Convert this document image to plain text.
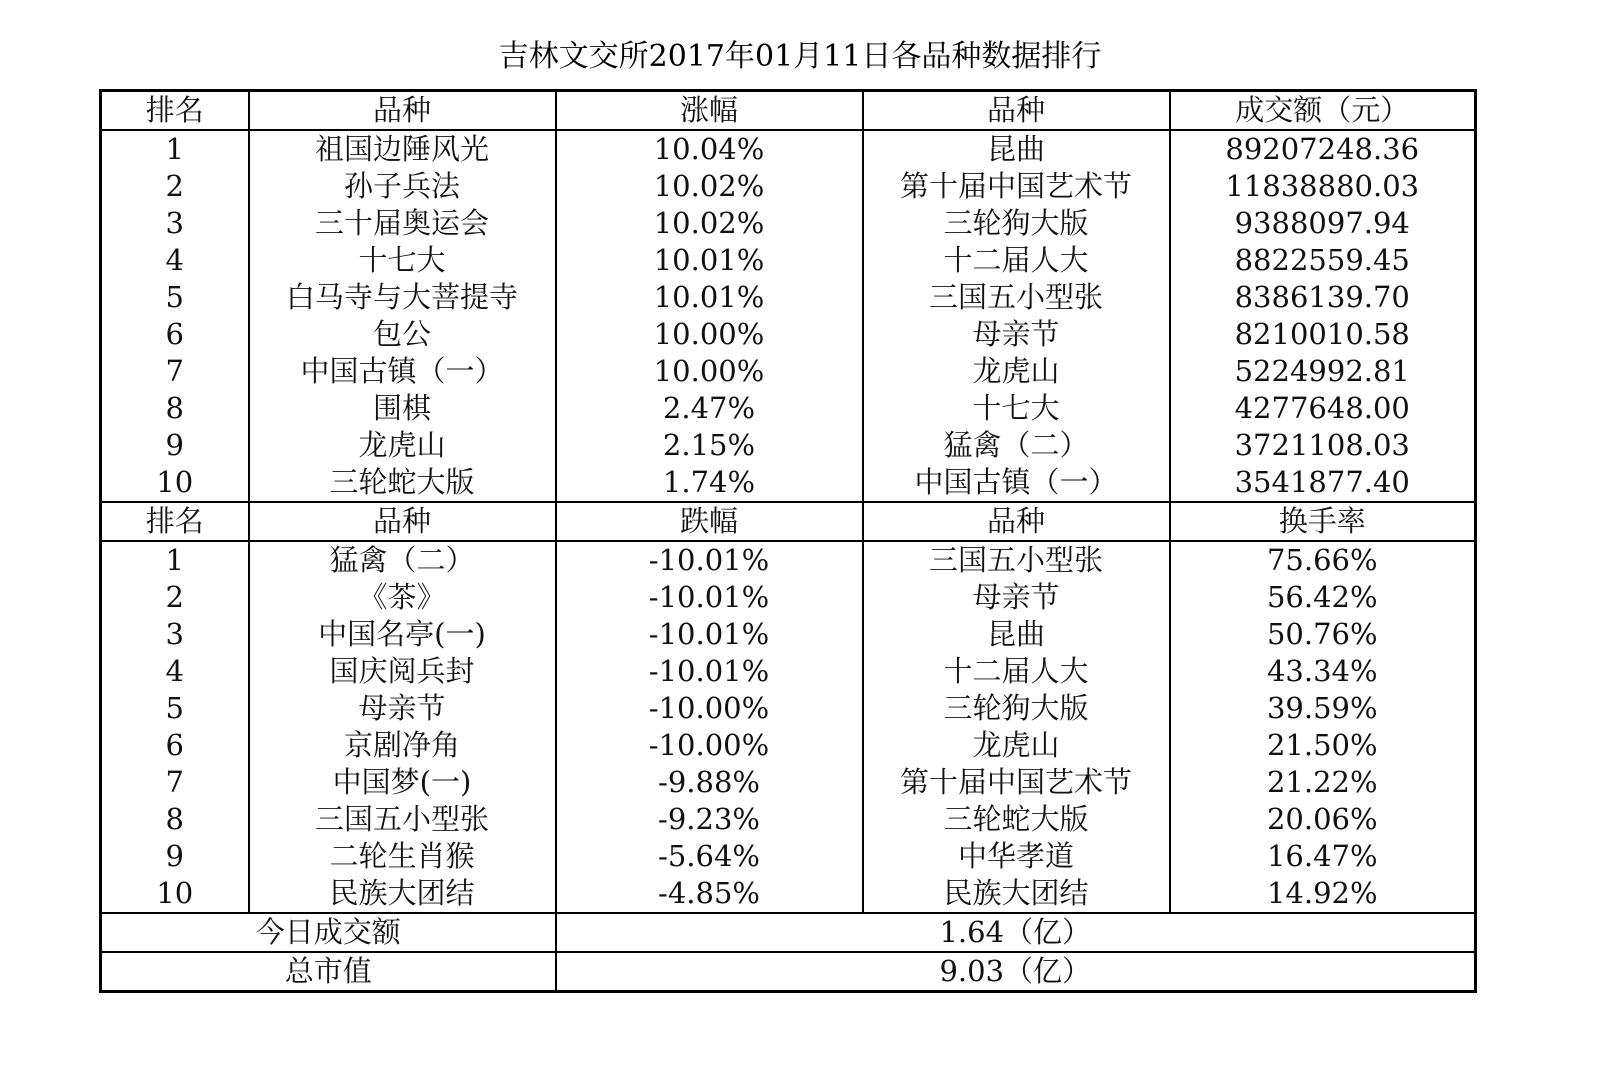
吉林文交所2017年01月11日各品种数据排行
排名	品种	涨幅	品种	成交额（元）
1	祖国边陲风光	10.04%	昆曲	89207248.36
2	孙子兵法	10.02%	第十届中国艺术节	11838880.03
3	三十届奥运会	10.02%	三轮狗大版	9388097.94
4	十七大	10.01%	十二届人大	8822559.45
5	白马寺与大菩提寺	10.01%	三国五小型张	8386139.70
6	包公	10.00%	母亲节	8210010.58
7	中国古镇（一）	10.00%	龙虎山	5224992.81
8	围棋	2.47%	十七大	4277648.00
9	龙虎山	2.15%	猛禽（二）	3721108.03
10	三轮蛇大版	1.74%	中国古镇（一）	3541877.40
排名	品种	跌幅	品种	换手率
1	猛禽（二）	-10.01%	三国五小型张	75.66%
2	《茶》	-10.01%	母亲节	56.42%
3	中国名亭(一)	-10.01%	昆曲	50.76%
4	国庆阅兵封	-10.01%	十二届人大	43.34%
5	母亲节	-10.00%	三轮狗大版	39.59%
6	京剧净角	-10.00%	龙虎山	21.50%
7	中国梦(一)	-9.88%	第十届中国艺术节	21.22%
8	三国五小型张	-9.23%	三轮蛇大版	20.06%
9	二轮生肖猴	-5.64%	中华孝道	16.47%
10	民族大团结	-4.85%	民族大团结	14.92%
今日成交额		1.64（亿）		
总市值		9.03（亿）		
